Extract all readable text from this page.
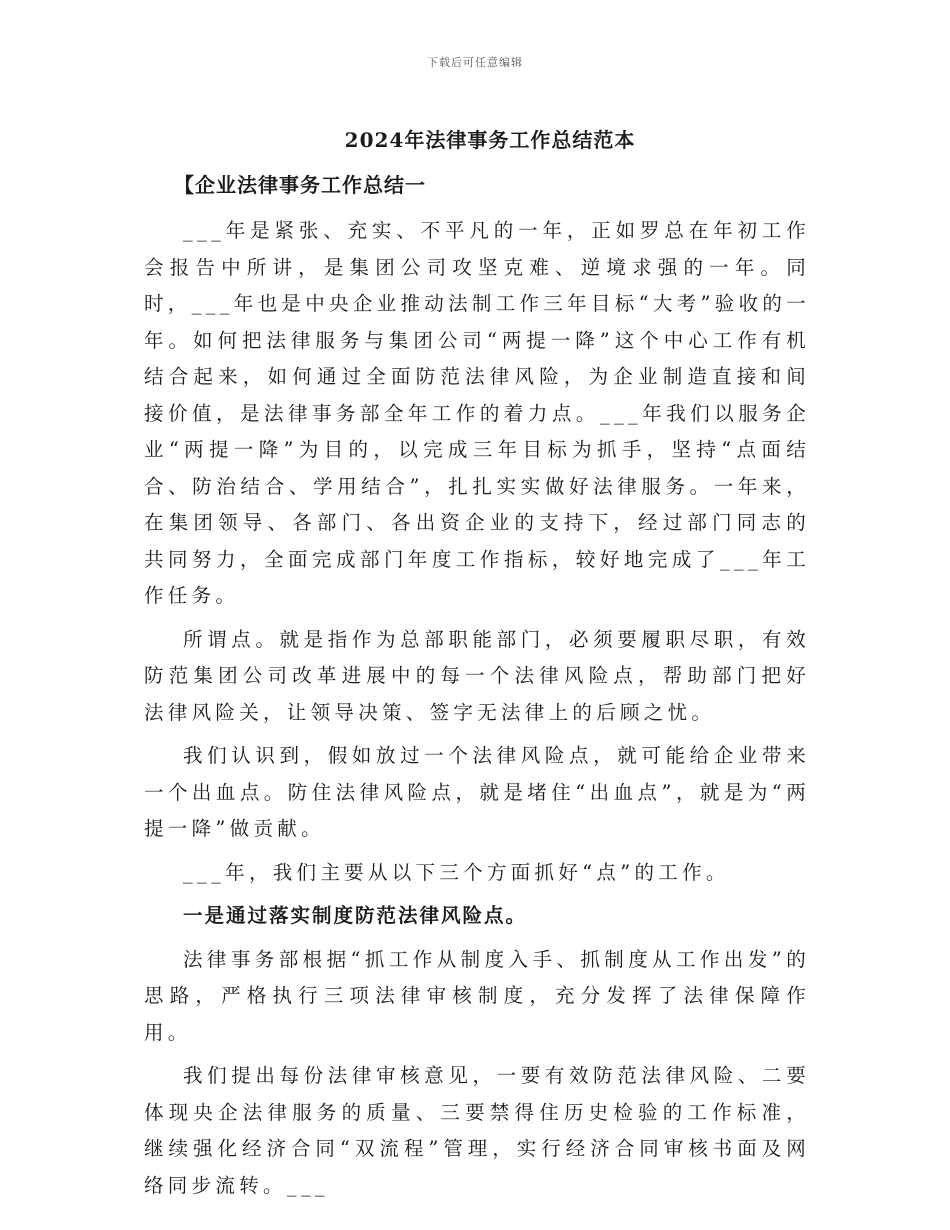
下载后可任意编辑
2024年法律事务工作总结范本
【企业法律事务工作总结一

___年是紧张、充实、不平凡的一年，正如罗总在年初工作会报告中所讲，是集团公司攻坚克难、逆境求强的一年。同时，___年也是中央企业推动法制工作三年目标“大考”验收的一年。如何把法律服务与集团公司“两提一降”这个中心工作有机结合起来，如何通过全面防范法律风险，为企业制造直接和间接价值，是法律事务部全年工作的着力点。___年我们以服务企业“两提一降”为目的，以完成三年目标为抓手，坚持“点面结合、防治结合、学用结合”，扎扎实实做好法律服务。一年来，在集团领导、各部门、各出资企业的支持下，经过部门同志的共同努力，全面完成部门年度工作指标，较好地完成了___年工作任务。

所谓点。就是指作为总部职能部门，必须要履职尽职，有效防范集团公司改革进展中的每一个法律风险点，帮助部门把好法律风险关，让领导决策、签字无法律上的后顾之忧。

我们认识到，假如放过一个法律风险点，就可能给企业带来一个出血点。防住法律风险点，就是堵住“出血点”，就是为“两提一降”做贡献。

___年，我们主要从以下三个方面抓好“点”的工作。

一是通过落实制度防范法律风险点。

法律事务部根据“抓工作从制度入手、抓制度从工作出发”的思路，严格执行三项法律审核制度，充分发挥了法律保障作用。

我们提出每份法律审核意见，一要有效防范法律风险、二要体现央企法律服务的质量、三要禁得住历史检验的工作标准，继续强化经济合同“双流程”管理，实行经济合同审核书面及网络同步流转。___
